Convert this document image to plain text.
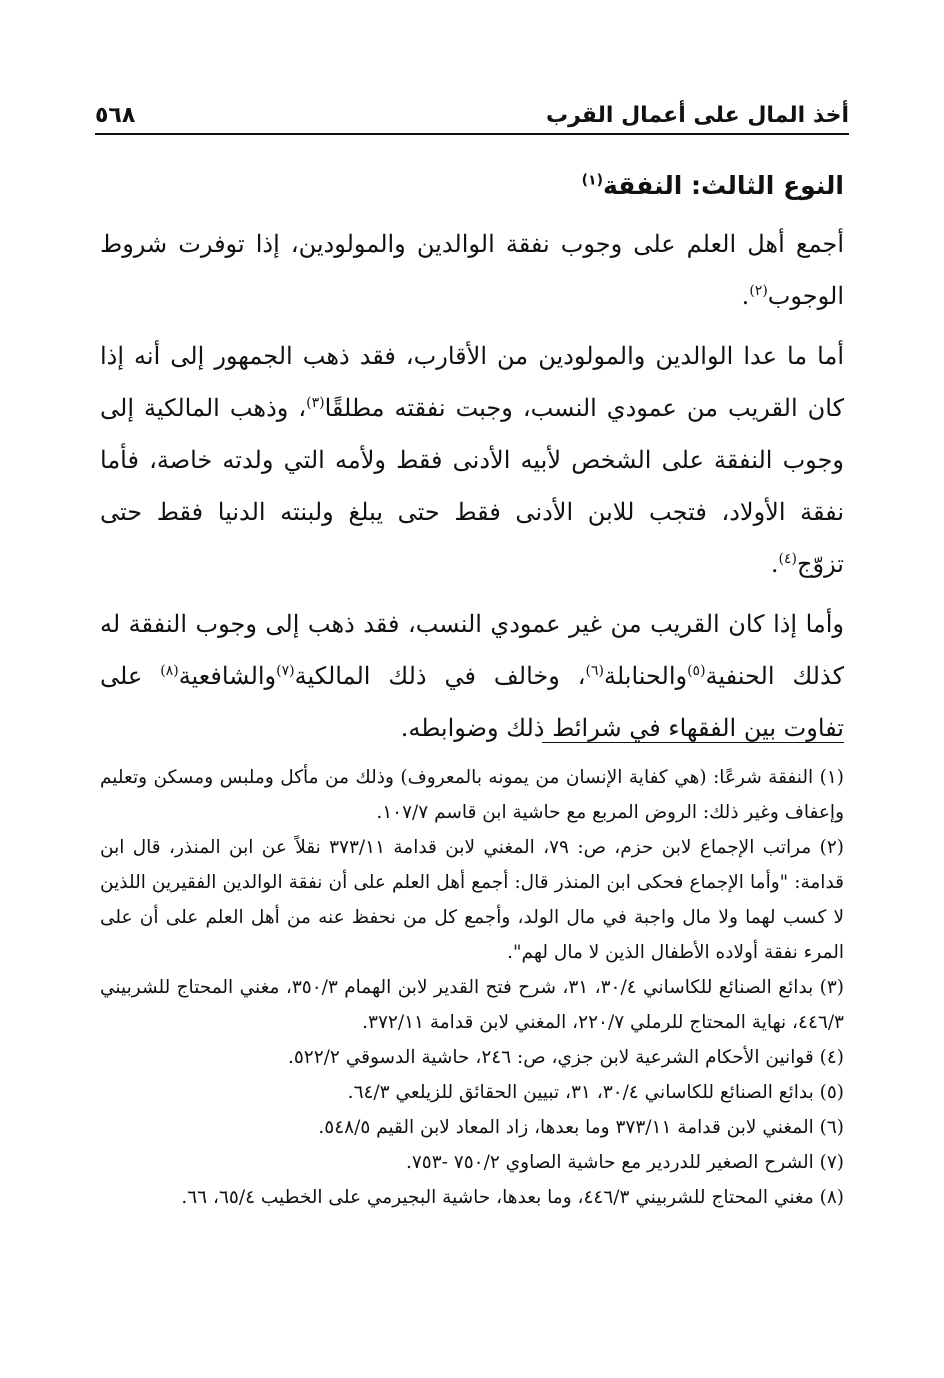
أخذ المال على أعمال القرب
٥٦٨
النوع الثالث: النفقة$^{(١)}$

أجمع أهل العلم على وجوب نفقة الوالدين والمولودين، إذا توفرت شروط الوجوب$^{(٢)}$.

أما ما عدا الوالدين والمولودين من الأقارب، فقد ذهب الجمهور إلى أنه إذا كان القريب من عمودي النسب، وجبت نفقته مطلقًا$^{(٣)}$، وذهب المالكية إلى وجوب النفقة على الشخص لأبيه الأدنى فقط ولأمه التي ولدته خاصة، فأما نفقة الأولاد، فتجب للابن الأدنى فقط حتى يبلغ ولبنته الدنيا فقط حتى تزوّج$^{(٤)}$.

وأما إذا كان القريب من غير عمودي النسب، فقد ذهب إلى وجوب النفقة له كذلك الحنفية$^{(٥)}$والحنابلة$^{(٦)}$، وخالف في ذلك المالكية$^{(٧)}$والشافعية$^{(٨)}$ على تفاوت بين الفقهاء في شرائط ذلك وضوابطه.

(١) النفقة شرعًا: (هي كفاية الإنسان من يمونه بالمعروف) وذلك من مأكل وملبس ومسكن وتعليم وإعفاف وغير ذلك: الروض المربع مع حاشية ابن قاسم ١٠٧/٧.

(٢) مراتب الإجماع لابن حزم، ص: ٧٩، المغني لابن قدامة ٣٧٣/١١ نقلاً عن ابن المنذر، قال ابن قدامة: "وأما الإجماع فحكى ابن المنذر قال: أجمع أهل العلم على أن نفقة الوالدين الفقيرين اللذين لا كسب لهما ولا مال واجبة في مال الولد، وأجمع كل من نحفظ عنه من أهل العلم على أن على المرء نفقة أولاده الأطفال الذين لا مال لهم".

(٣) بدائع الصنائع للكاساني ٣٠/٤، ٣١، شرح فتح القدير لابن الهمام ٣٥٠/٣، مغني المحتاج للشربيني ٤٤٦/٣، نهاية المحتاج للرملي ٢٢٠/٧، المغني لابن قدامة ٣٧٢/١١.

(٤) قوانين الأحكام الشرعية لابن جزي، ص: ٢٤٦، حاشية الدسوقي ٥٢٢/٢.

(٥) بدائع الصنائع للكاساني ٣٠/٤، ٣١، تبيين الحقائق للزيلعي ٦٤/٣.

(٦) المغني لابن قدامة ٣٧٣/١١ وما بعدها، زاد المعاد لابن القيم ٥٤٨/٥.

(٧) الشرح الصغير للدردير مع حاشية الصاوي ٧٥٠/٢ -٧٥٣.

(٨) مغني المحتاج للشربيني ٤٤٦/٣، وما بعدها، حاشية البجيرمي على الخطيب ٦٥/٤، ٦٦.
